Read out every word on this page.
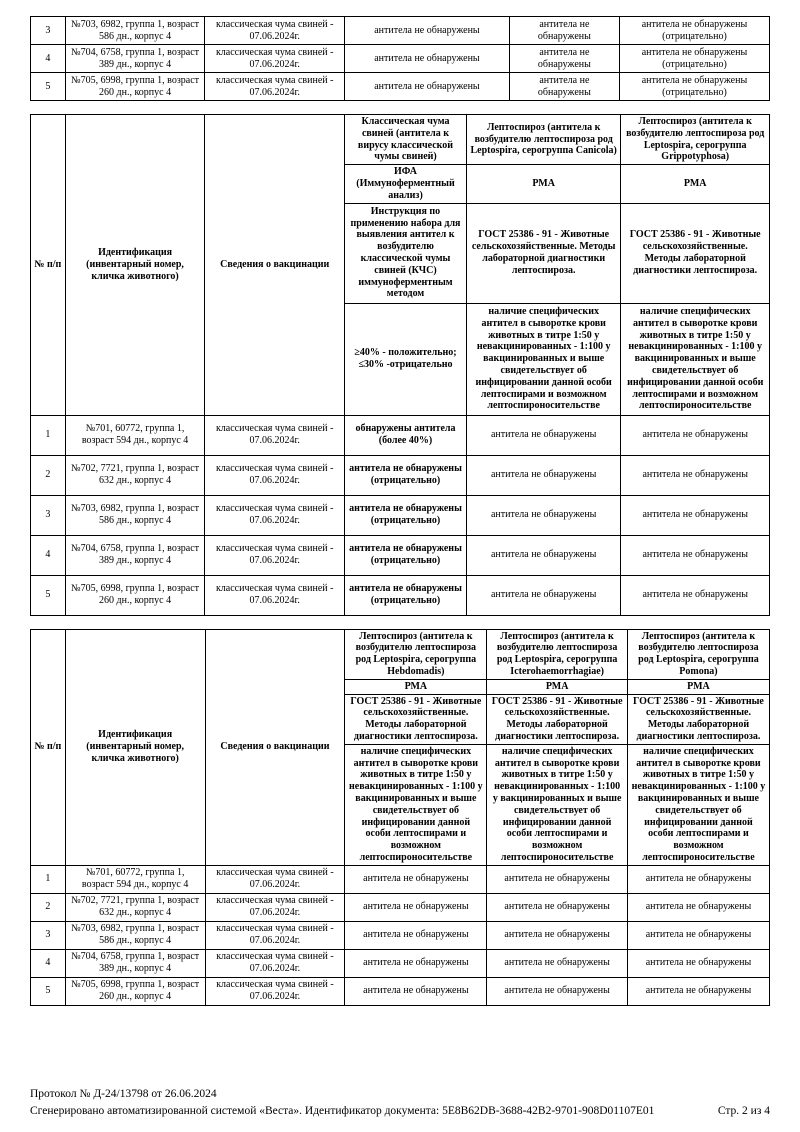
3	№703, 6982, группа 1, возраст 586 дн., корпус 4	классическая чума свиней - 07.06.2024г.	антитела не обнаружены	антитела не обнаружены	антитела не обнаружены (отрицательно)
4	№704, 6758, группа 1, возраст 389 дн., корпус 4	классическая чума свиней - 07.06.2024г.	антитела не обнаружены	антитела не обнаружены	антитела не обнаружены (отрицательно)
5	№705, 6998, группа 1, возраст 260 дн., корпус 4	классическая чума свиней - 07.06.2024г.	антитела не обнаружены	антитела не обнаружены	антитела не обнаружены (отрицательно)
№ п/п	Идентификация (инвентарный номер, кличка животного)	Сведения о вакцинации	Классическая чума свиней (антитела к вирусу классической чумы свиней)	Лептоспироз (антитела к возбудителю лептоспироза род Leptospira, серогруппа Canicola)	Лептоспироз (антитела к возбудителю лептоспироза род Leptospira, серогруппа Grippotyphosa)
			ИФА (Иммуноферментный анализ)	РМА	РМА
			Инструкция по применению набора для выявления антител к возбудителю классической чумы свиней (КЧС) иммуноферментным методом	ГОСТ 25386 - 91 - Животные сельскохозяйственные. Методы лабораторной диагностики лептоспироза.	ГОСТ 25386 - 91 - Животные сельскохозяйственные. Методы лабораторной диагностики лептоспироза.
≥40% - положительно; ≤30% -отрицательно	наличие специфических антител в сыворотке крови животных в титре 1:50 у невакцинированных - 1:100 у вакцинированных и выше свидетельствует об инфицировании данной особи лептоспирами и возможном лептоспироносительстве	наличие специфических антител в сыворотке крови животных в титре 1:50 у невакцинированных - 1:100 у вакцинированных и выше свидетельствует об инфицировании данной особи лептоспирами и возможном лептоспироносительстве
1	№701, 60772, группа 1, возраст 594 дн., корпус 4	классическая чума свиней - 07.06.2024г.	обнаружены антитела (более 40%)	антитела не обнаружены	антитела не обнаружены
2	№702, 7721, группа 1, возраст 632 дн., корпус 4	классическая чума свиней - 07.06.2024г.	антитела не обнаружены (отрицательно)	антитела не обнаружены	антитела не обнаружены
3	№703, 6982, группа 1, возраст 586 дн., корпус 4	классическая чума свиней - 07.06.2024г.	антитела не обнаружены (отрицательно)	антитела не обнаружены	антитела не обнаружены
4	№704, 6758, группа 1, возраст 389 дн., корпус 4	классическая чума свиней - 07.06.2024г.	антитела не обнаружены (отрицательно)	антитела не обнаружены	антитела не обнаружены
5	№705, 6998, группа 1, возраст 260 дн., корпус 4	классическая чума свиней - 07.06.2024г.	антитела не обнаружены (отрицательно)	антитела не обнаружены	антитела не обнаружены
№ п/п	Идентификация (инвентарный номер, кличка животного)	Сведения о вакцинации	Лептоспироз (антитела к возбудителю лептоспироза род Leptospira, серогруппа Hebdomadis)	Лептоспироз (антитела к возбудителю лептоспироза род Leptospira, серогруппа Icterohaemorrhagiae)	Лептоспироз (антитела к возбудителю лептоспироза род Leptospira, серогруппа Pomona)
			РМА	РМА	РМА
			ГОСТ 25386 - 91 - Животные сельскохозяйственные. Методы лабораторной диагностики лептоспироза.	ГОСТ 25386 - 91 - Животные сельскохозяйственные. Методы лабораторной диагностики лептоспироза.	ГОСТ 25386 - 91 - Животные сельскохозяйственные. Методы лабораторной диагностики лептоспироза.
наличие специфических антител в сыворотке крови животных в титре 1:50 у невакцинированных - 1:100 у вакцинированных и выше свидетельствует об инфицировании данной особи лептоспирами и возможном лептоспироносительстве	наличие специфических антител в сыворотке крови животных в титре 1:50 у невакцинированных - 1:100 у вакцинированных и выше свидетельствует об инфицировании данной особи лептоспирами и возможном лептоспироносительстве	наличие специфических антител в сыворотке крови животных в титре 1:50 у невакцинированных - 1:100 у вакцинированных и выше свидетельствует об инфицировании данной особи лептоспирами и возможном лептоспироносительстве
1	№701, 60772, группа 1, возраст 594 дн., корпус 4	классическая чума свиней - 07.06.2024г.	антитела не обнаружены	антитела не обнаружены	антитела не обнаружены
2	№702, 7721, группа 1, возраст 632 дн., корпус 4	классическая чума свиней - 07.06.2024г.	антитела не обнаружены	антитела не обнаружены	антитела не обнаружены
3	№703, 6982, группа 1, возраст 586 дн., корпус 4	классическая чума свиней - 07.06.2024г.	антитела не обнаружены	антитела не обнаружены	антитела не обнаружены
4	№704, 6758, группа 1, возраст 389 дн., корпус 4	классическая чума свиней - 07.06.2024г.	антитела не обнаружены	антитела не обнаружены	антитела не обнаружены
5	№705, 6998, группа 1, возраст 260 дн., корпус 4	классическая чума свиней - 07.06.2024г.	антитела не обнаружены	антитела не обнаружены	антитела не обнаружены
Протокол № Д-24/13798 от 26.06.2024
Сгенерировано автоматизированной системой «Веста». Идентификатор документа: 5E8B62DB-3688-42B2-9701-908D01107E01	Стр. 2 из 4
